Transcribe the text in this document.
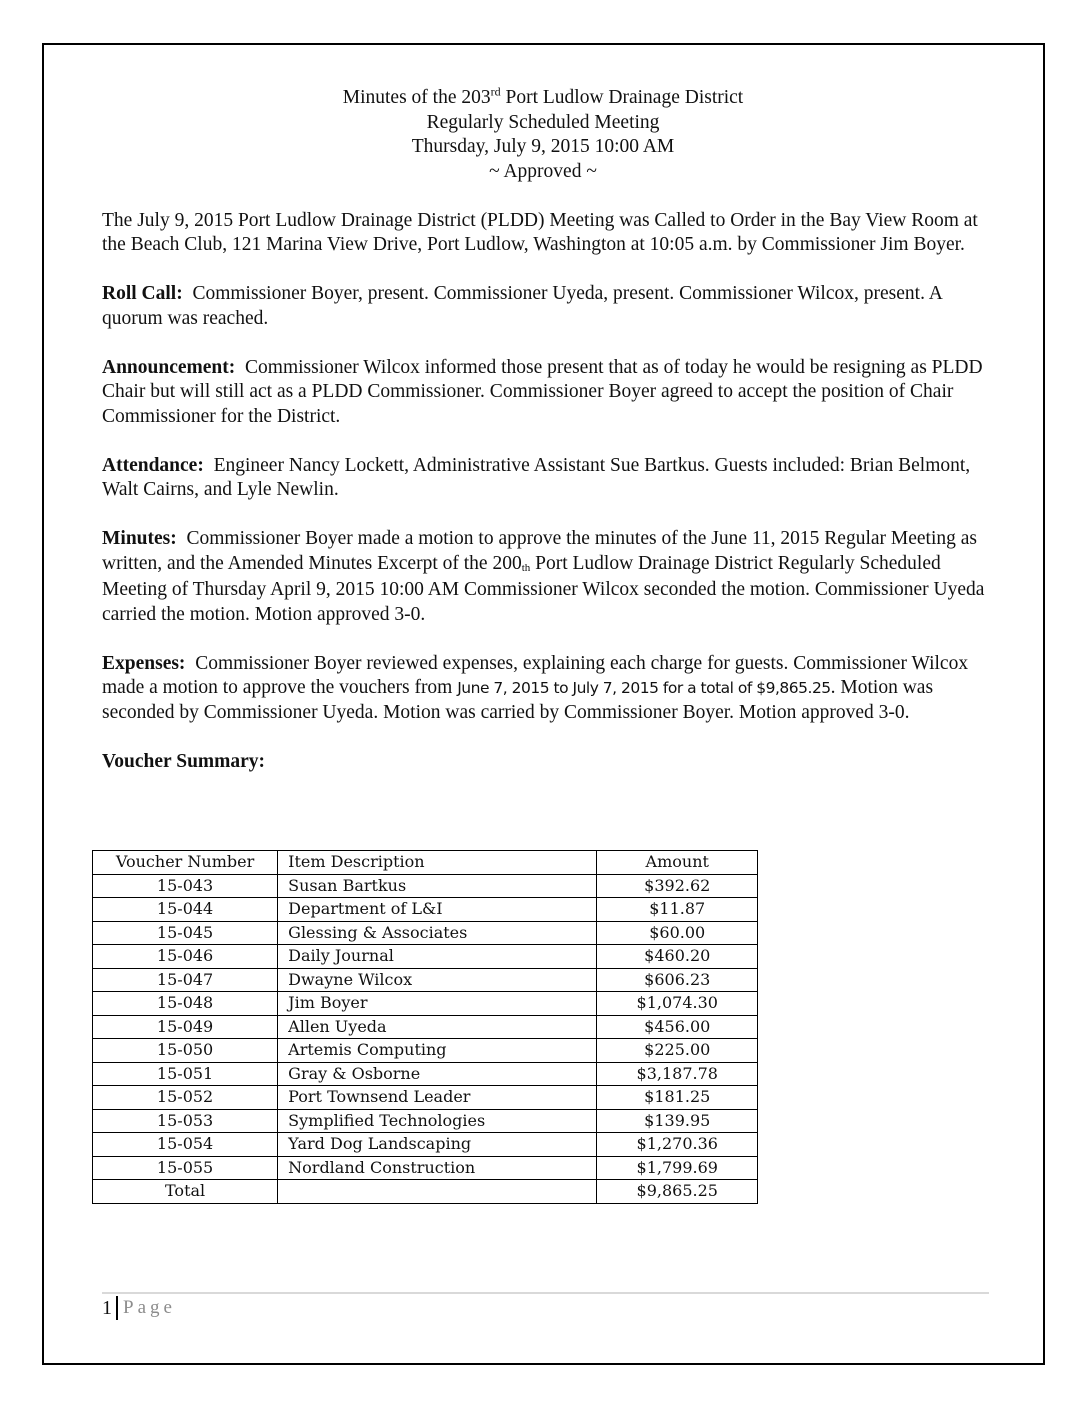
Minutes of the 203rd Port Ludlow Drainage District
Regularly Scheduled Meeting
Thursday, July 9, 2015 10:00 AM
~ Approved ~

The July 9, 2015 Port Ludlow Drainage District (PLDD) Meeting was Called to Order in the Bay View Room at the Beach Club, 121 Marina View Drive, Port Ludlow, Washington at 10:05 a.m. by Commissioner Jim Boyer.

Roll Call: Commissioner Boyer, present. Commissioner Uyeda, present. Commissioner Wilcox, present. A quorum was reached.

Announcement: Commissioner Wilcox informed those present that as of today he would be resigning as PLDD Chair but will still act as a PLDD Commissioner. Commissioner Boyer agreed to accept the position of Chair Commissioner for the District.

Attendance: Engineer Nancy Lockett, Administrative Assistant Sue Bartkus. Guests included: Brian Belmont, Walt Cairns, and Lyle Newlin.

Minutes: Commissioner Boyer made a motion to approve the minutes of the June 11, 2015 Regular Meeting as written, and the Amended Minutes Excerpt of the $200_{th}$ Port Ludlow Drainage District Regularly Scheduled Meeting of Thursday April 9, 2015 10:00 AM Commissioner Wilcox seconded the motion. Commissioner Uyeda carried the motion. Motion approved 3-0.

Expenses: Commissioner Boyer reviewed expenses, explaining each charge for guests. Commissioner Wilcox made a motion to approve the vouchers from June 7, 2015 to July 7, 2015 for a total of $9,865.25. Motion was seconded by Commissioner Uyeda. Motion was carried by Commissioner Boyer. Motion approved 3-0.

Voucher Summary:

Voucher Number	Item Description	Amount
15-043	Susan Bartkus	$392.62
15-044	Department of L&I	$11.87
15-045	Glessing & Associates	$60.00
15-046	Daily Journal	$460.20
15-047	Dwayne Wilcox	$606.23
15-048	Jim Boyer	$1,074.30
15-049	Allen Uyeda	$456.00
15-050	Artemis Computing	$225.00
15-051	Gray & Osborne	$3,187.78
15-052	Port Townsend Leader	$181.25
15-053	Symplified Technologies	$139.95
15-054	Yard Dog Landscaping	$1,270.36
15-055	Nordland Construction	$1,799.69
Total		$9,865.25
1 Page
